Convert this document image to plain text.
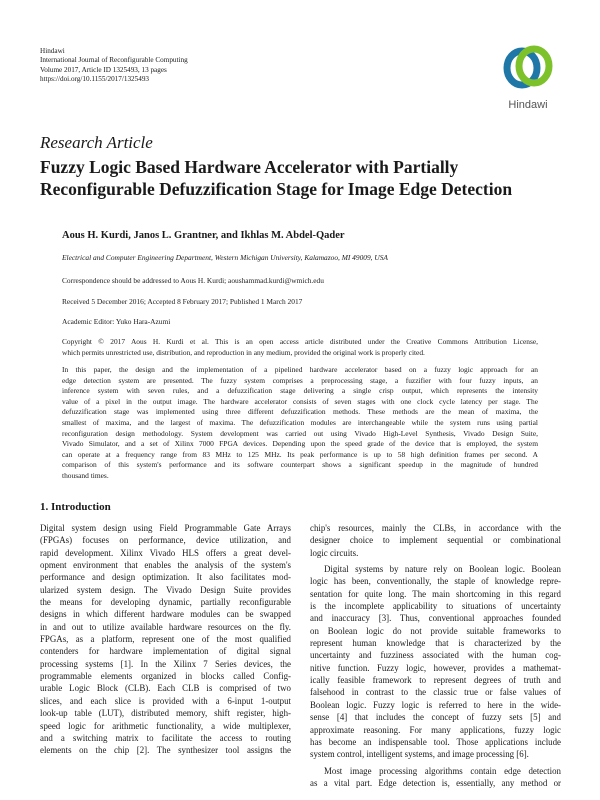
Hindawi
International Journal of Reconfigurable Computing
Volume 2017, Article ID 1325493, 13 pages
https://doi.org/10.1155/2017/1325493
Hindawi
Research Article
Fuzzy Logic Based Hardware Accelerator with Partially
Reconfigurable Defuzzification Stage for Image Edge Detection
Aous H. Kurdi, Janos L. Grantner, and Ikhlas M. Abdel-Qader
Electrical and Computer Engineering Department, Western Michigan University, Kalamazoo, MI 49009, USA
Correspondence should be addressed to Aous H. Kurdi; aoushammad.kurdi@wmich.edu
Received 5 December 2016; Accepted 8 February 2017; Published 1 March 2017
Academic Editor: Yuko Hara-Azumi
Copyright © 2017 Aous H. Kurdi et al. This is an open access article distributed under the Creative Commons Attribution License,
which permits unrestricted use, distribution, and reproduction in any medium, provided the original work is properly cited.
In this paper, the design and the implementation of a pipelined hardware accelerator based on a fuzzy logic approach for an
edge detection system are presented. The fuzzy system comprises a preprocessing stage, a fuzzifier with four fuzzy inputs, an
inference system with seven rules, and a defuzzification stage delivering a single crisp output, which represents the intensity
value of a pixel in the output image. The hardware accelerator consists of seven stages with one clock cycle latency per stage. The
defuzzification stage was implemented using three different defuzzification methods. These methods are the mean of maxima, the
smallest of maxima, and the largest of maxima. The defuzzification modules are interchangeable while the system runs using partial
reconfiguration design methodology. System development was carried out using Vivado High-Level Synthesis, Vivado Design Suite,
Vivado Simulator, and a set of Xilinx 7000 FPGA devices. Depending upon the speed grade of the device that is employed, the system
can operate at a frequency range from 83 MHz to 125 MHz. Its peak performance is up to 58 high definition frames per second. A
comparison of this system's performance and its software counterpart shows a significant speedup in the magnitude of hundred
thousand times.
1. Introduction
Digital system design using Field Programmable Gate Arrays
(FPGAs) focuses on performance, device utilization, and
rapid development. Xilinx Vivado HLS offers a great devel-
opment environment that enables the analysis of the system's
performance and design optimization. It also facilitates mod-
ularized system design. The Vivado Design Suite provides
the means for developing dynamic, partially reconfigurable
designs in which different hardware modules can be swapped
in and out to utilize available hardware resources on the fly.
FPGAs, as a platform, represent one of the most qualified
contenders for hardware implementation of digital signal
processing systems [1]. In the Xilinx 7 Series devices, the
programmable elements organized in blocks called Config-
urable Logic Block (CLB). Each CLB is comprised of two
slices, and each slice is provided with a 6-input 1-output
look-up table (LUT), distributed memory, shift register, high-
speed logic for arithmetic functionality, a wide multiplexer,
and a switching matrix to facilitate the access to routing
elements on the chip [2]. The synthesizer tool assigns the
chip's resources, mainly the CLBs, in accordance with the
designer choice to implement sequential or combinational
logic circuits.
Digital systems by nature rely on Boolean logic. Boolean
logic has been, conventionally, the staple of knowledge repre-
sentation for quite long. The main shortcoming in this regard
is the incomplete applicability to situations of uncertainty
and inaccuracy [3]. Thus, conventional approaches founded
on Boolean logic do not provide suitable frameworks to
represent human knowledge that is characterized by the
uncertainty and fuzziness associated with the human cog-
nitive function. Fuzzy logic, however, provides a mathemat-
ically feasible framework to represent degrees of truth and
falsehood in contrast to the classic true or false values of
Boolean logic. Fuzzy logic is referred to here in the wide-
sense [4] that includes the concept of fuzzy sets [5] and
approximate reasoning. For many applications, fuzzy logic
has become an indispensable tool. Those applications include
system control, intelligent systems, and image processing [6].
Most image processing algorithms contain edge detection
as a vital part. Edge detection is, essentially, any method or
